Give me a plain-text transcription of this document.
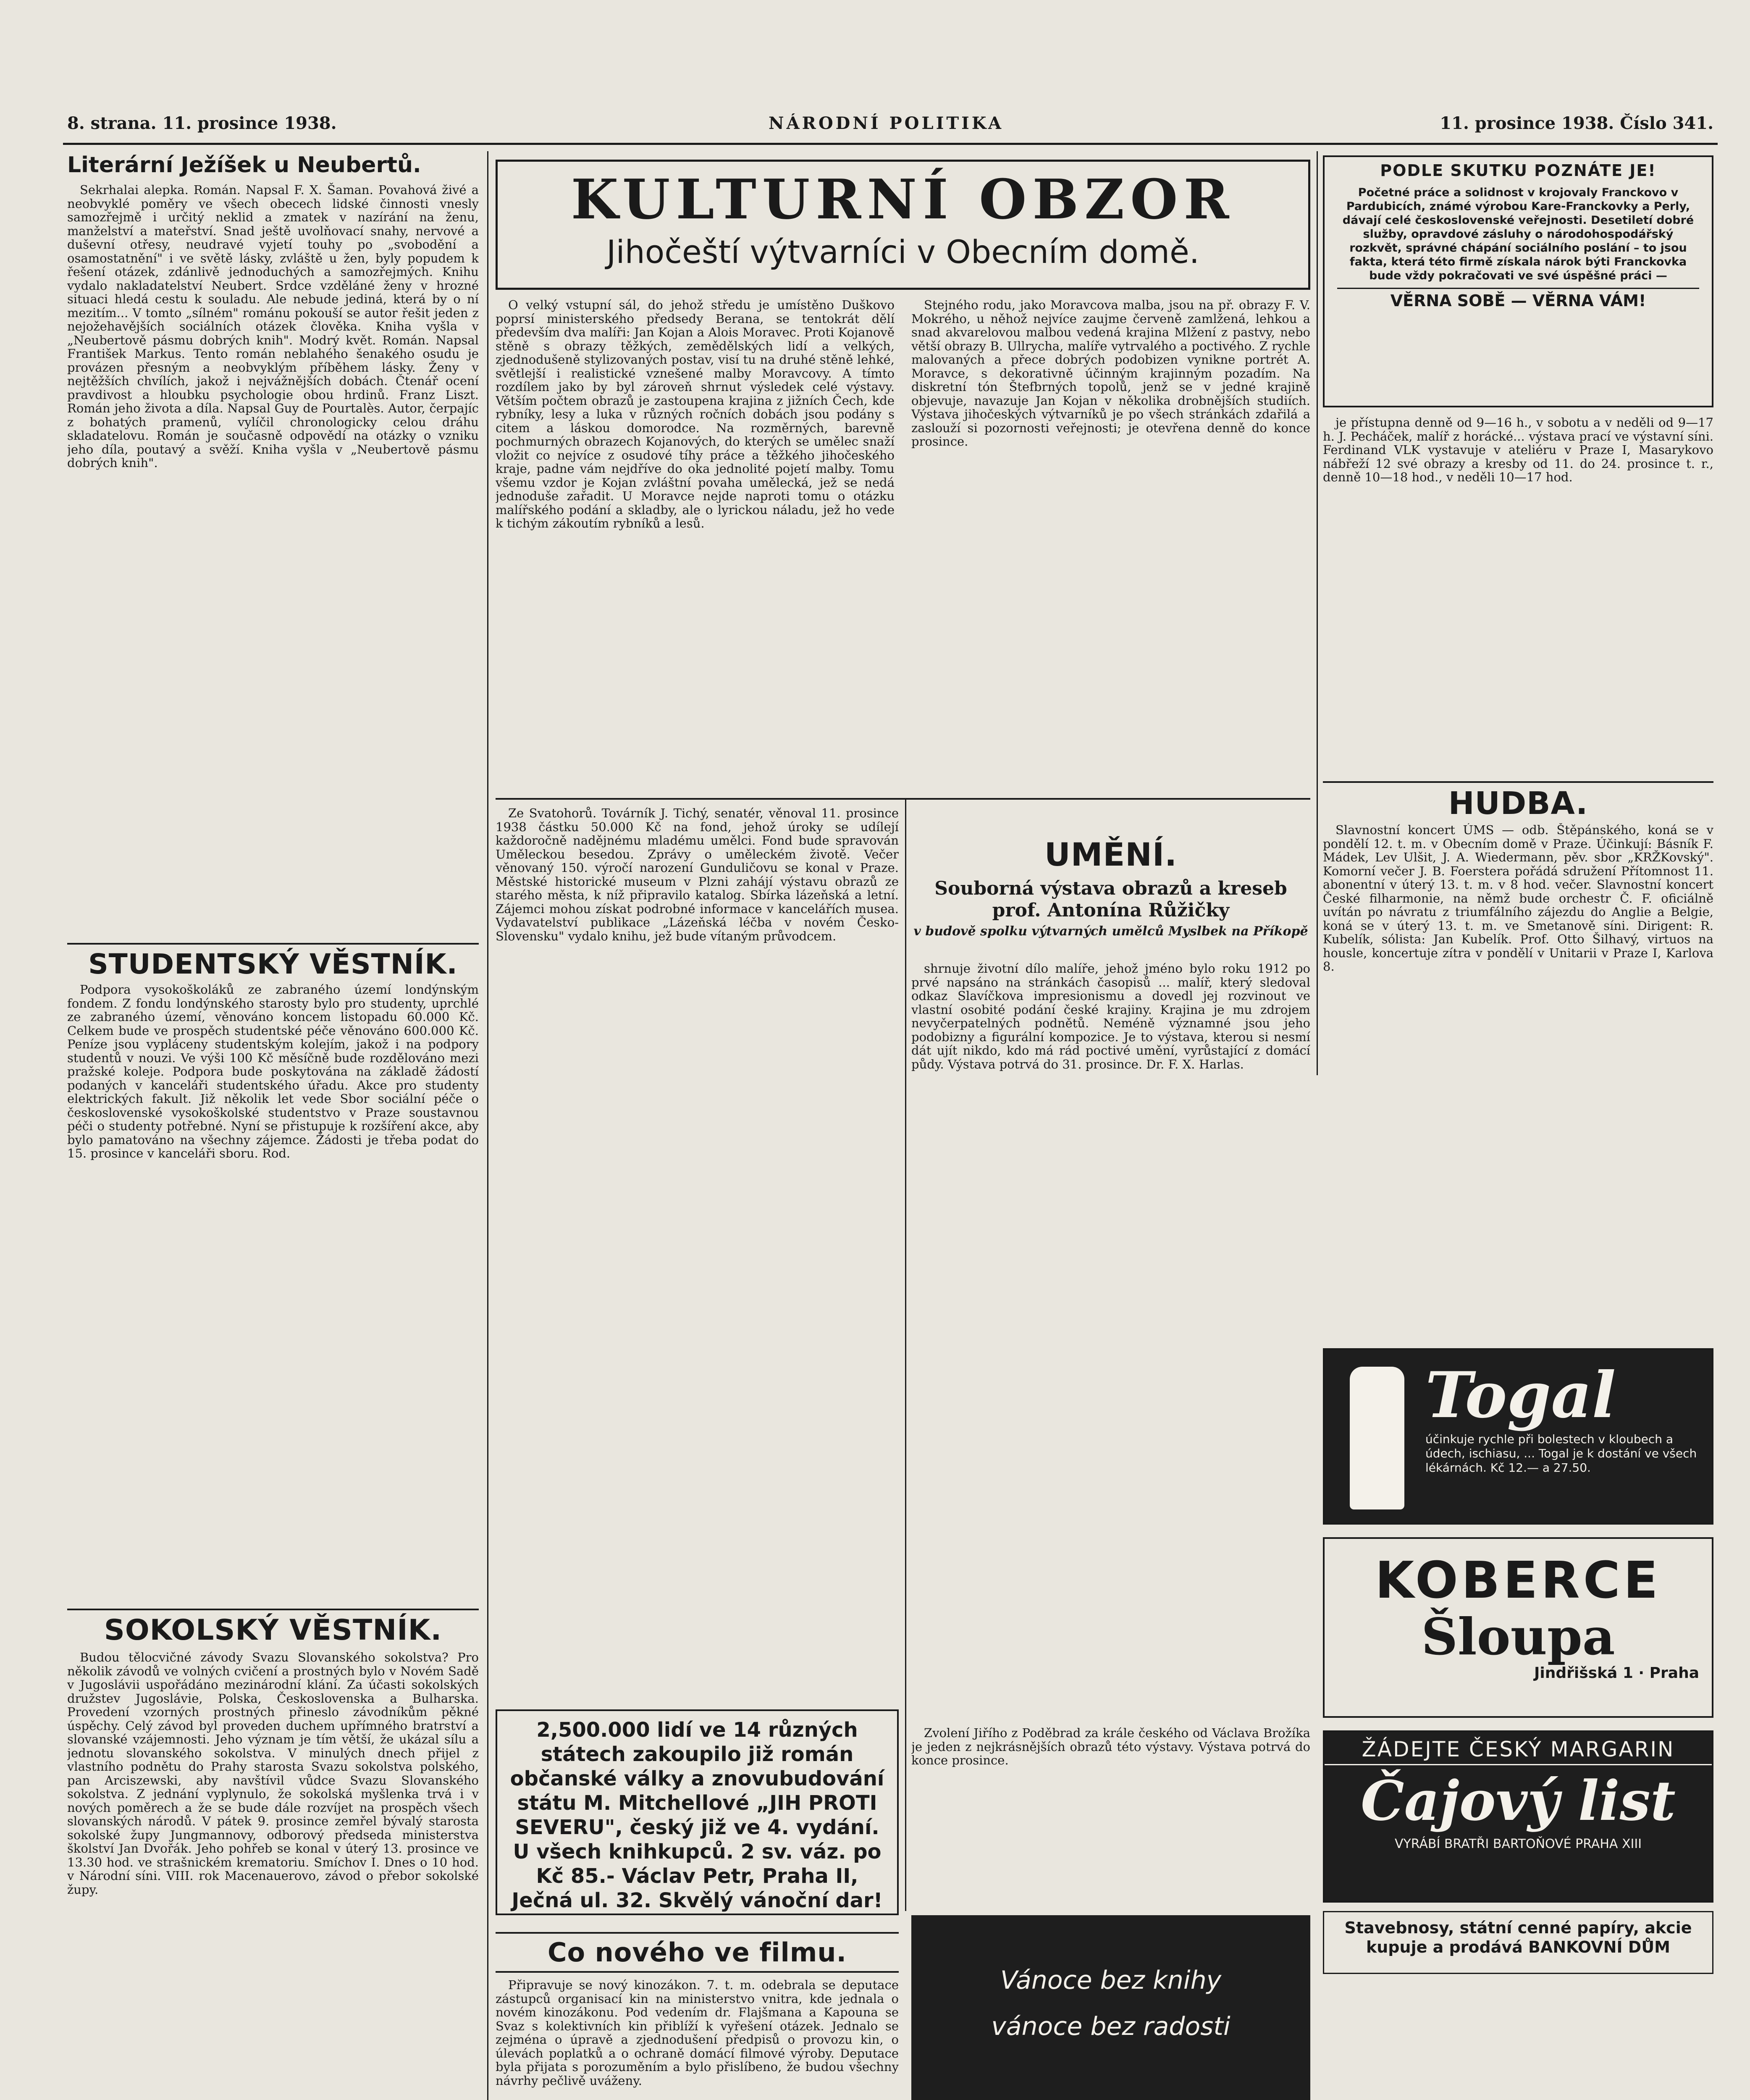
8. strana. 11. prosince 1938.	NÁRODNÍ POLITIKA	11. prosince 1938. Číslo 341.
Literární Ježíšek u Neubertů.

Sekrhalai alepka. Román. Napsal F. X. Šaman. Povahová živé a neobvyklé poměry ve všech obecech lidské činnosti vnesly samozřejmě i určitý neklid a zmatek v nazírání na ženu, manželství a mateřství. Snad ještě uvolňovací snahy, nervové a duševní otřesy, neudravé vyjetí touhy po „svobodění a osamostatnění" i ve světě lásky, zvláště u žen, byly popudem k řešení otázek, zdánlivě jednoduchých a samozřejmých. Knihu vydalo nakladatelství Neubert. Srdce vzděláné ženy v hrozné situaci hledá cestu k souladu. Ale nebude jediná, která by o ní mezitím... V tomto „sílném" románu pokouší se autor řešit jeden z nejožehavějších sociálních otázek člověka. Kniha vyšla v „Neubertově pásmu dobrých knih". Modrý květ. Román. Napsal František Markus. Tento román neblahého šenakého osudu je provázen přesným a neobvyklým příběhem lásky. Ženy v nejtěžších chvílích, jakož i nejvážnějších dobách. Čtenář ocení pravdivost a hloubku psychologie obou hrdinů. Franz Liszt. Román jeho života a díla. Napsal Guy de Pourtalès. Autor, čerpajíc z bohatých pramenů, vylíčil chronologicky celou dráhu skladatelovu. Román je současně odpovědí na otázky o vzniku jeho díla, poutavý a svěží. Kniha vyšla v „Neubertově pásmu dobrých knih".

STUDENTSKÝ VĚSTNÍK.

Podpora vysokoškoláků ze zabraného území londýnským fondem. Z fondu londýnského starosty bylo pro studenty, uprchlé ze zabraného území, věnováno koncem listopadu 60.000 Kč. Celkem bude ve prospěch studentské péče věnováno 600.000 Kč. Peníze jsou vypláceny studentským kolejím, jakož i na podpory studentů v nouzi. Ve výši 100 Kč měsíčně bude rozdělováno mezi pražské koleje. Podpora bude poskytována na základě žádostí podaných v kanceláři studentského úřadu. Akce pro studenty elektrických fakult. Již několik let vede Sbor sociální péče o československé vysokoškolské studentstvo v Praze soustavnou péči o studenty potřebné. Nyní se přistupuje k rozšíření akce, aby bylo pamatováno na všechny zájemce. Žádosti je třeba podat do 15. prosince v kanceláři sboru. Rod.

SOKOLSKÝ VĚSTNÍK.

Budou tělocvičné závody Svazu Slovanského sokolstva? Pro několik závodů ve volných cvičení a prostných bylo v Novém Sadě v Jugoslávii uspořádáno mezinárodní klání. Za účasti sokolských družstev Jugoslávie, Polska, Československa a Bulharska. Provedení vzorných prostných přineslo závodníkům pěkné úspěchy. Celý závod byl proveden duchem upřímného bratrství a slovanské vzájemnosti. Jeho význam je tím větší, že ukázal sílu a jednotu slovanského sokolstva. V minulých dnech přijel z vlastního podnětu do Prahy starosta Svazu sokolstva polského, pan Arciszewski, aby navštívil vůdce Svazu Slovanského sokolstva. Z jednání vyplynulo, že sokolská myšlenka trvá i v nových poměrech a že se bude dále rozvíjet na prospěch všech slovanských národů. V pátek 9. prosince zemřel bývalý starosta sokolské župy Jungmannovy, odborový předseda ministerstva školství Jan Dvořák. Jeho pohřeb se konal v úterý 13. prosince ve 13.30 hod. ve strašnickém krematoriu. Smíchov I. Dnes o 10 hod. v Národní síni. VIII. rok Macenauerovo, závod o přebor sokolské župy.

KULTURNÍ OBZOR
Jihočeští výtvarníci v Obecním domě.

O velký vstupní sál, do jehož středu je umístěno Duškovo poprsí ministerského předsedy Berana, se tentokrát dělí především dva malíři: Jan Kojan a Alois Moravec. Proti Kojanově stěně s obrazy těžkých, zemědělských lidí a velkých, zjednodušeně stylizovaných postav, visí tu na druhé stěně lehké, světlejší i realistické vznešené malby Moravcovy. A tímto rozdílem jako by byl zároveň shrnut výsledek celé výstavy. Větším počtem obrazů je zastoupena krajina z jižních Čech, kde rybníky, lesy a luka v různých ročních dobách jsou podány s citem a láskou domorodce. Na rozměrných, barevně pochmurných obrazech Kojanových, do kterých se umělec snaží vložit co nejvíce z osudové tíhy práce a těžkého jihočeského kraje, padne vám nejdříve do oka jednolité pojetí malby. Tomu všemu vzdor je Kojan zvláštní povaha umělecká, jež se nedá jednoduše zařadit. U Moravce nejde naproti tomu o otázku malířského podání a skladby, ale o lyrickou náladu, jež ho vede k tichým zákoutím rybníků a lesů.

Stejného rodu, jako Moravcova malba, jsou na př. obrazy F. V. Mokrého, u něhož nejvíce zaujme červeně zamlžená, lehkou a snad akvarelovou malbou vedená krajina Mlžení z pastvy, nebo větší obrazy B. Ullrycha, malíře vytrvalého a poctivého. Z rychle malovaných a přece dobrých podobizen vynikne portrét A. Moravce, s dekorativně účinným krajinným pozadím. Na diskretní tón Štefbrných topolů, jenž se v jedné krajině objevuje, navazuje Jan Kojan v několika drobnějších studiích. Výstava jihočeských výtvarníků je po všech stránkách zdařilá a zaslouží si pozornosti veřejnosti; je otevřena denně do konce prosince.

Ze Svatohorů. Továrník J. Tichý, senatér, věnoval 11. prosince 1938 částku 50.000 Kč na fond, jehož úroky se udílejí každoročně nadějnému mladému umělci. Fond bude spravován Uměleckou besedou. Zprávy o uměleckém životě. Večer věnovaný 150. výročí narození Gunduličovu se konal v Praze. Městské historické museum v Plzni zahájí výstavu obrazů ze starého města, k níž připravilo katalog. Sbírka lázeňská a letní. Zájemci mohou získat podrobné informace v kancelářích musea. Vydavatelství publikace „Lázeňská léčba v novém Česko-Slovensku" vydalo knihu, jež bude vítaným průvodcem.

2,500.000 lidí ve 14 různých státech zakoupilo již román občanské války a znovubudování státu M. Mitchellové „JIH PROTI SEVERU", český již ve 4. vydání. U všech knihkupců. 2 sv. váz. po Kč 85.- Václav Petr, Praha II, Ječná ul. 32. Skvělý vánoční dar!
Co nového ve filmu.

Připravuje se nový kinozákon. 7. t. m. odebrala se deputace zástupců organisací kin na ministerstvo vnitra, kde jednala o novém kinozákonu. Pod vedením dr. Flajšmana a Kapouna se Svaz s kolektivních kin přiblíží k vyřešení otázek. Jednalo se zejména o úpravě a zjednodušení předpisů o provozu kin, o úlevách poplatků a o ochraně domácí filmové výroby. Deputace byla přijata s porozuměním a bylo přislíbeno, že budou všechny návrhy pečlivě uváženy.

UMĚNÍ.
Souborná výstava obrazů a kreseb prof. Antonína Růžičky
v budově spolku výtvarných umělců Myslbek na Příkopě

shrnuje životní dílo malíře, jehož jméno bylo roku 1912 po prvé napsáno na stránkách časopisů ... malíř, který sledoval odkaz Slavíčkova impresionismu a dovedl jej rozvinout ve vlastní osobité podání české krajiny. Krajina je mu zdrojem nevyčerpatelných podnětů. Neméně významné jsou jeho podobizny a figurální kompozice. Je to výstava, kterou si nesmí dát ujít nikdo, kdo má rád poctivé umění, vyrůstající z domácí půdy. Výstava potrvá do 31. prosince. Dr. F. X. Harlas.

Zvolení Jiřího z Poděbrad za krále českého od Václava Brožíka je jeden z nejkrásnějších obrazů této výstavy. Výstava potrvá do konce prosince.

Vánoce bez knihy
vánoce bez radosti
PODLE SKUTKU POZNÁTE JE!
Početné práce a solidnost v krojovaly Franckovo v Pardubicích, známé výrobou Kare-Franckovky a Perly, dávají celé československé veřejnosti. Desetiletí dobré služby, opravdové zásluhy o národohospodářský rozkvět, správné chápání sociálního poslání – to jsou fakta, která této firmě získala nárok býti Franckovka bude vždy pokračovati ve své úspěšné práci —
VĚRNA SOBĚ — VĚRNA VÁM!

je přístupna denně od 9—16 h., v sobotu a v neděli od 9—17 h. J. Pecháček, malíř z horácké... výstava prací ve výstavní síni. Ferdinand VLK vystavuje v ateliéru v Praze I, Masarykovo nábřeží 12 své obrazy a kresby od 11. do 24. prosince t. r., denně 10—18 hod., v neděli 10—17 hod.

HUDBA.

Slavnostní koncert ÚMS — odb. Štěpánského, koná se v pondělí 12. t. m. v Obecním domě v Praze. Účinkují: Básník F. Mádek, Lev Ulšit, J. A. Wiedermann, pěv. sbor „KRŽKovský". Komorní večer J. B. Foerstera pořádá sdružení Přítomnost 11. abonentní v úterý 13. t. m. v 8 hod. večer. Slavnostní koncert České filharmonie, na němž bude orchestr Č. F. oficiálně uvítán po návratu z triumfálního zájezdu do Anglie a Belgie, koná se v úterý 13. t. m. ve Smetanově síni. Dirigent: R. Kubelík, sólista: Jan Kubelík. Prof. Otto Šilhavý, virtuos na housle, koncertuje zítra v pondělí v Unitarii v Praze I, Karlova 8.

Togal
účinkuje rychle při bolestech v kloubech a údech, ischiasu, ... Togal je k dostání ve všech lékárnách. Kč 12.— a 27.50.
KOBERCE
Šloupa
Jindřišská 1 · Praha
ŽÁDEJTE ČESKÝ MARGARIN
Čajový list
VYRÁBÍ BRATŘI BARTOŇOVÉ PRAHA XIII
Stavebnosy, státní cenné papíry, akcie kupuje a prodává BANKOVNÍ DŮM
